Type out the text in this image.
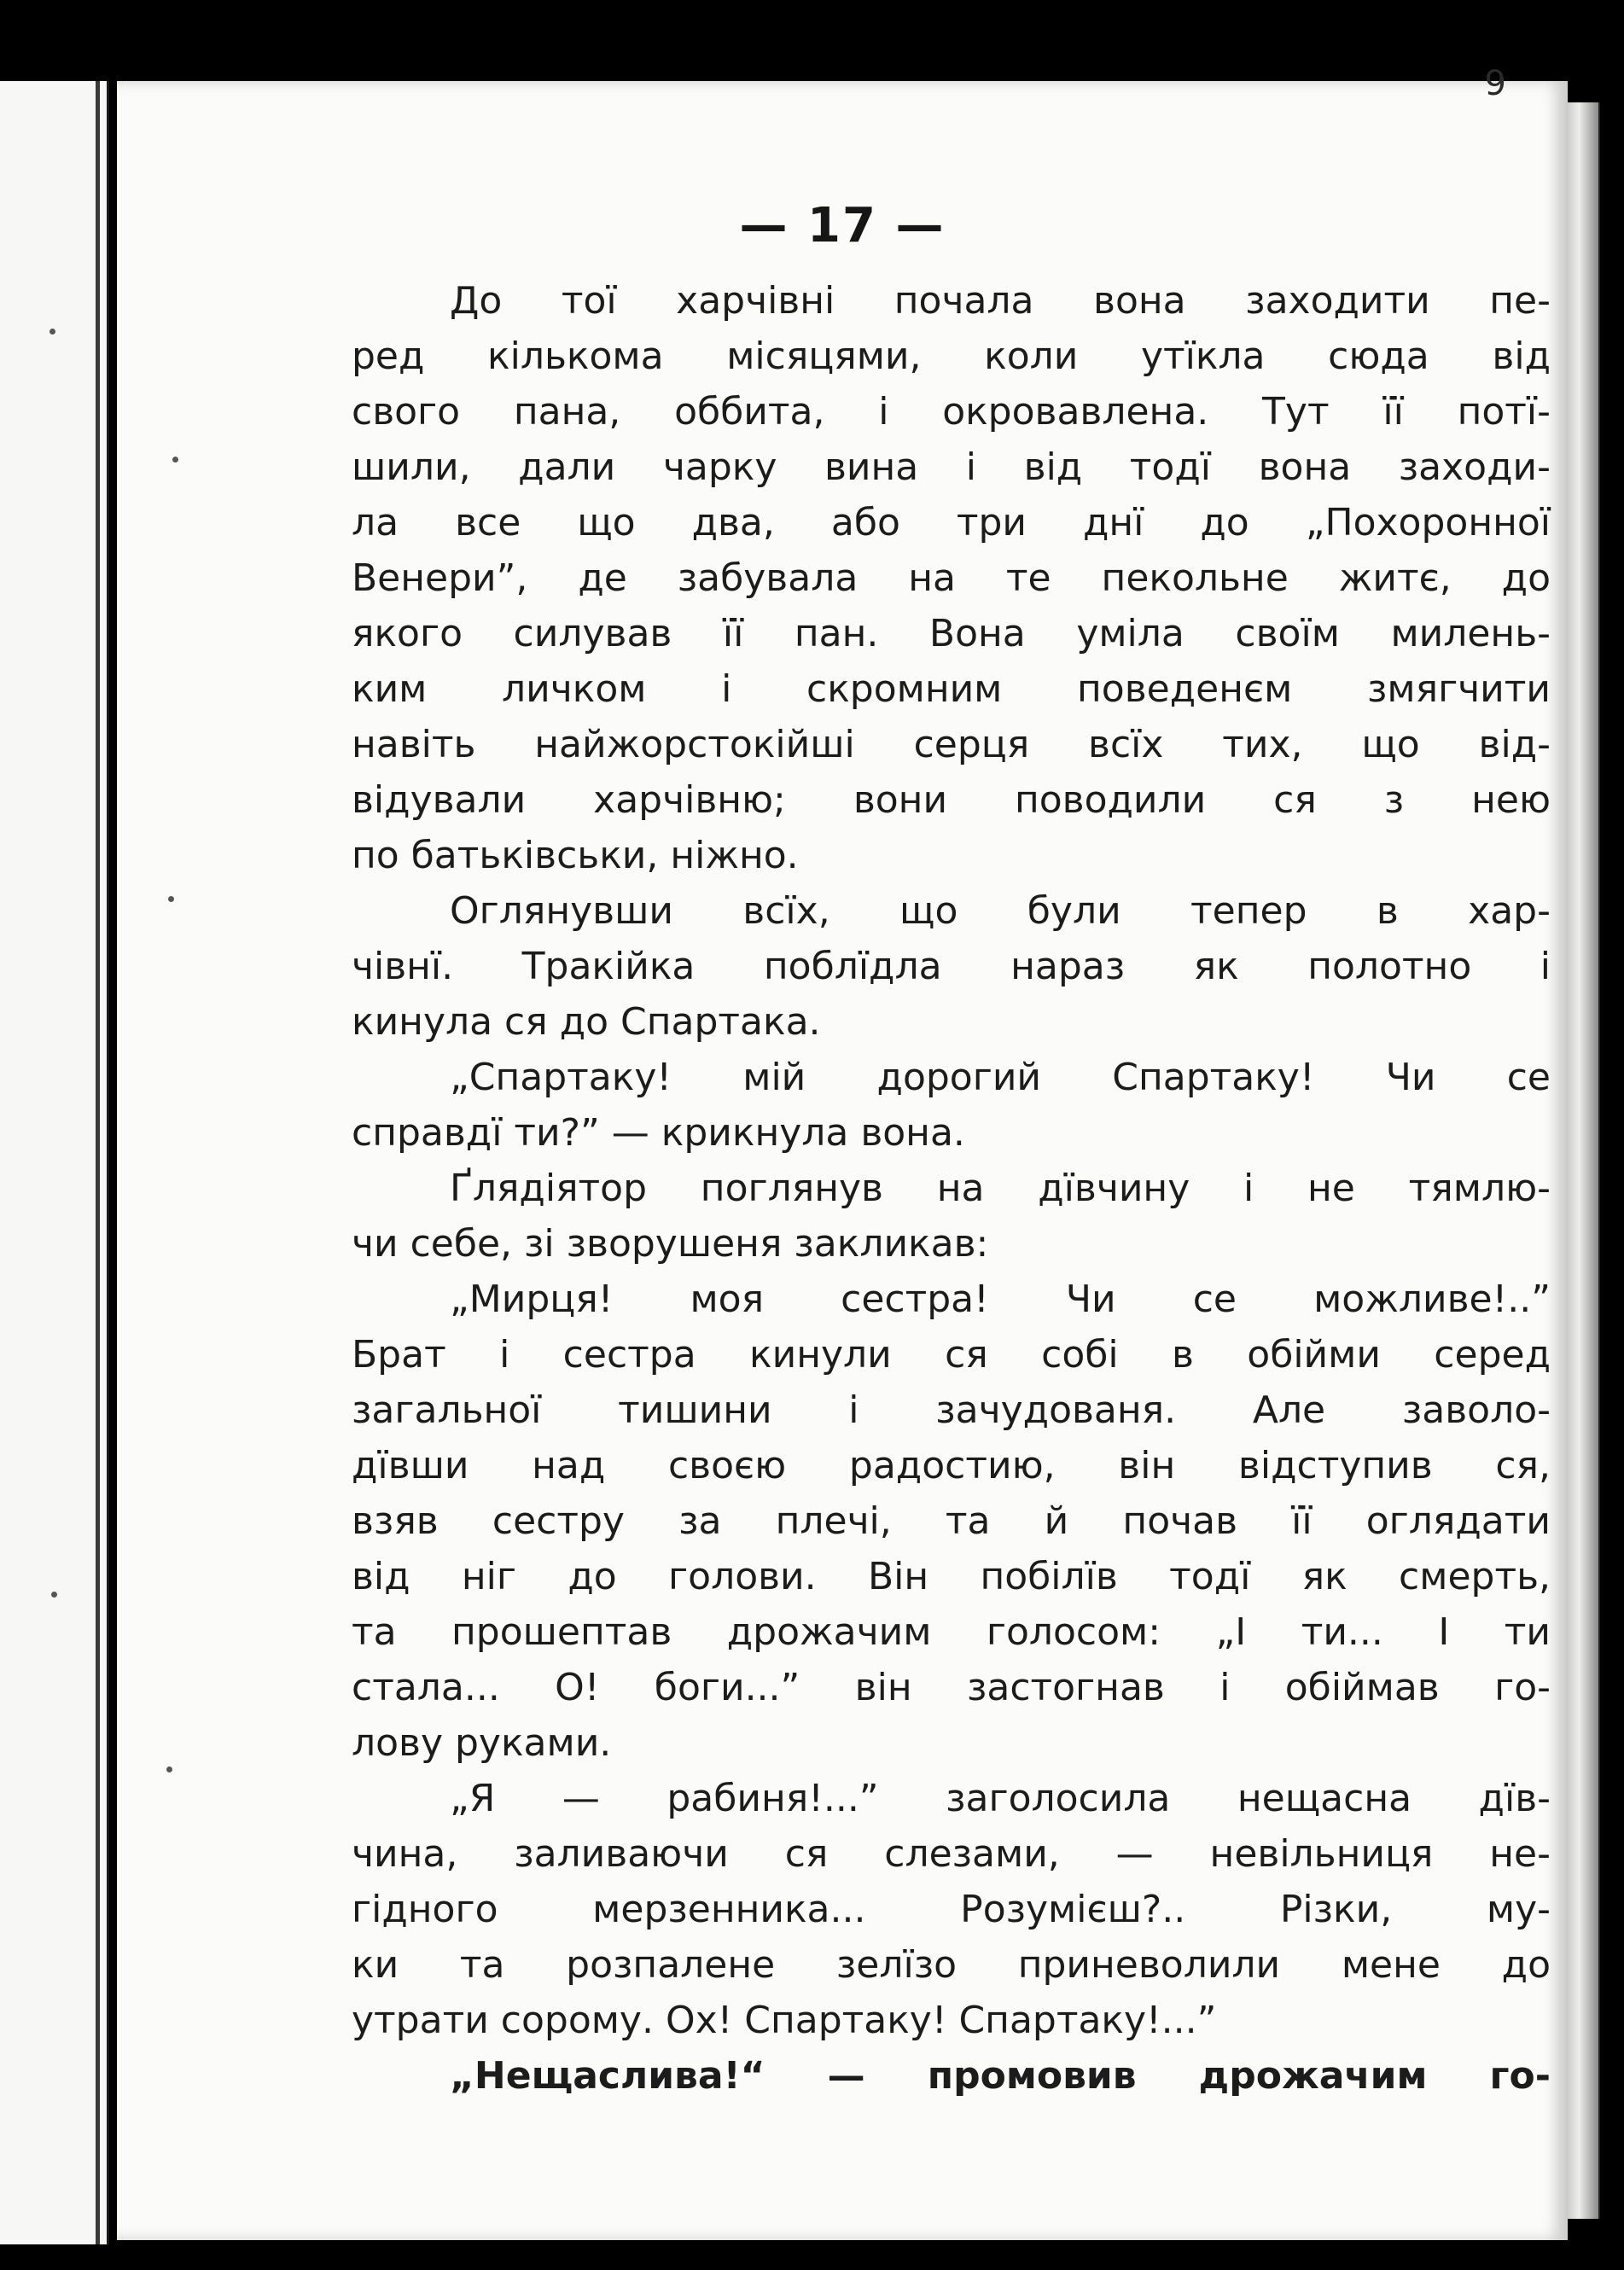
9
— 17 —
До тої харчівні почала вона заходити пе-
ред кількома місяцями, коли утїкла сюда від
свого пана, оббита, і окровавлена. Тут її потї-
шили, дали чарку вина і від тодї вона заходи-
ла все що два, або три днї до „Похоронної
Венери”, де забувала на те пекольне житє, до
якого силував її пан. Вона уміла своїм милень-
ким личком і скромним поведенєм змягчити
навіть найжорстокійші серця всїх тих, що від-
відували харчівню; вони поводили ся з нею
по батьківськи, ніжно.
Оглянувши всїх, що були тепер в хар-
чівнї. Тракійка поблїдла нараз як полотно і
кинула ся до Спартака.
„Спартаку! мій дорогий Спартаку! Чи се
справдї ти?” — крикнула вона.
Ґлядіятор поглянув на дївчину і не тямлю-
чи себе, зі зворушеня закликав:
„Мирця! моя сестра! Чи се можливе!..”
Брат і сестра кинули ся собі в обійми серед
загальної тишини і зачудованя. Але заволо-
дївши над своєю радостию, він відступив ся,
взяв сестру за плечі, та й почав її оглядати
від ніг до голови. Він побілїв тодї як смерть,
та прошептав дрожачим голосом: „І ти... І ти
стала... О! боги...” він застогнав і обіймав го-
лову руками.
„Я — рабиня!...” заголосила нещасна дїв-
чина, заливаючи ся слезами, — невільниця не-
гідного мерзенника... Розумієш?.. Різки, му-
ки та розпалене зелїзо приневолили мене до
утрати сорому. Ох! Спартаку! Спартаку!...”
„Нещаслива!“ — промовив дрожачим го-
